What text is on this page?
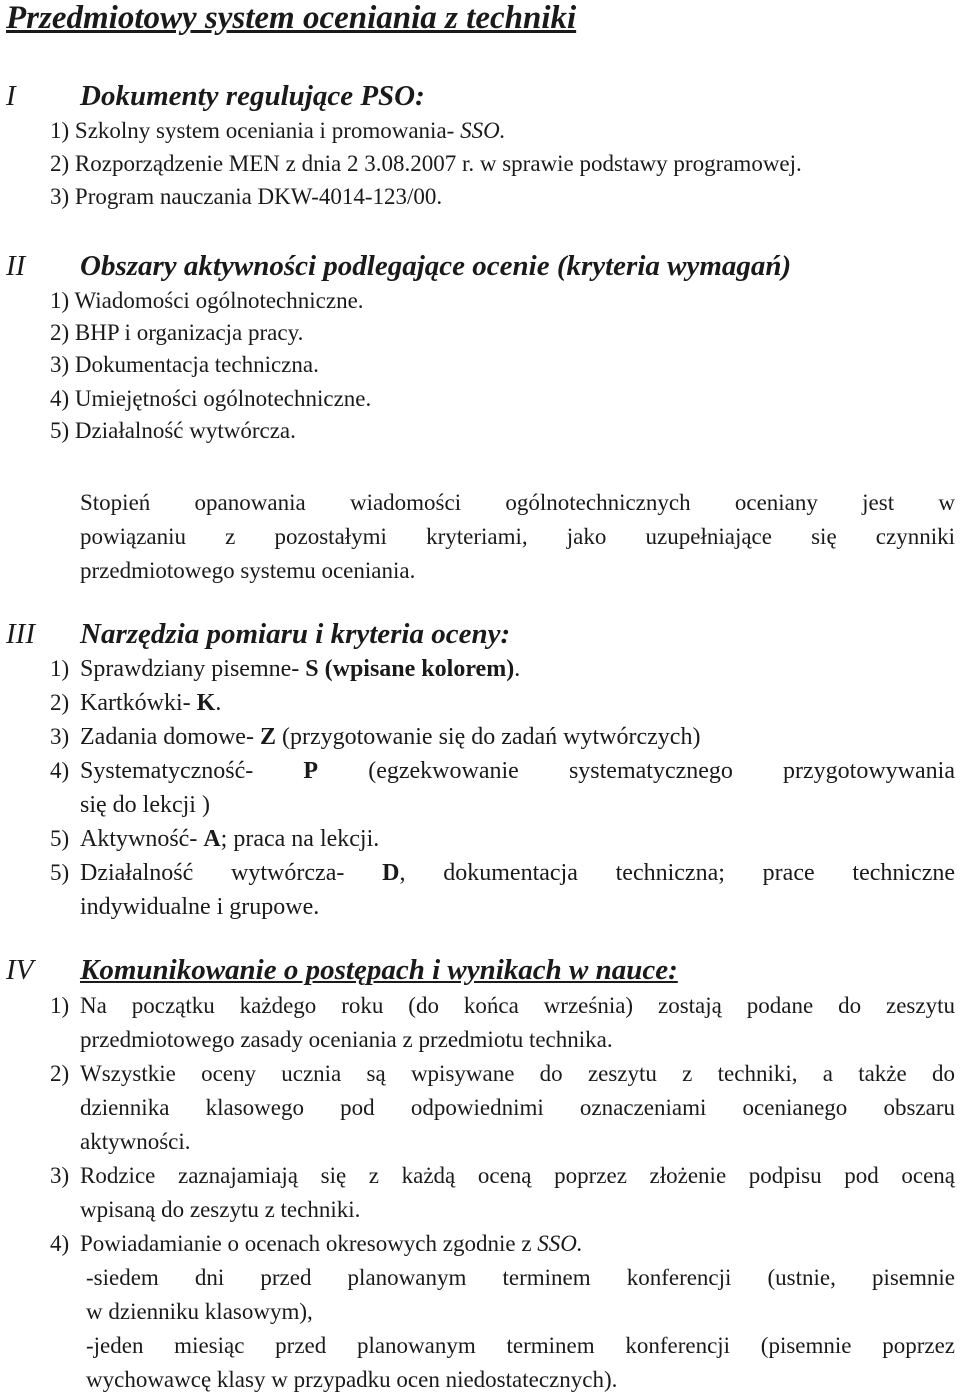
Przedmiotowy system oceniania z techniki
I Dokumenty regulujące PSO:
1) Szkolny system oceniania i promowania- SSO.
2) Rozporządzenie MEN z dnia 2 3.08.2007 r. w sprawie podstawy programowej.
3) Program nauczania DKW-4014-123/00.
II Obszary aktywności podlegające ocenie (kryteria wymagań)
1) Wiadomości ogólnotechniczne.
2) BHP i organizacja pracy.
3) Dokumentacja techniczna.
4) Umiejętności ogólnotechniczne.
5) Działalność wytwórcza.
Stopień opanowania wiadomości ogólnotechnicznych oceniany jest w
powiązaniu z pozostałymi kryteriami, jako uzupełniające się czynniki
przedmiotowego systemu oceniania.
III Narzędzia pomiaru i kryteria oceny:
1) Sprawdziany pisemne- S (wpisane kolorem).
2) Kartkówki- K.
3) Zadania domowe- Z (przygotowanie się do zadań wytwórczych)
4) Systematyczność- P (egzekwowanie systematycznego przygotowywania
się do lekcji )
5) Aktywność- A; praca na lekcji.
5) Działalność wytwórcza- D, dokumentacja techniczna; prace techniczne
indywidualne i grupowe.
IV Komunikowanie o postępach i wynikach w nauce:
1) Na początku każdego roku (do końca września) zostają podane do zeszytu
przedmiotowego zasady oceniania z przedmiotu technika.
2) Wszystkie oceny ucznia są wpisywane do zeszytu z techniki, a także do
dziennika klasowego pod odpowiednimi oznaczeniami ocenianego obszaru
aktywności.
3) Rodzice zaznajamiają się z każdą oceną poprzez złożenie podpisu pod oceną
wpisaną do zeszytu z techniki.
4) Powiadamianie o ocenach okresowych zgodnie z SSO.
-siedem dni przed planowanym terminem konferencji (ustnie, pisemnie
w dzienniku klasowym),
-jeden miesiąc przed planowanym terminem konferencji (pisemnie poprzez
wychowawcę klasy w przypadku ocen niedostatecznych).
